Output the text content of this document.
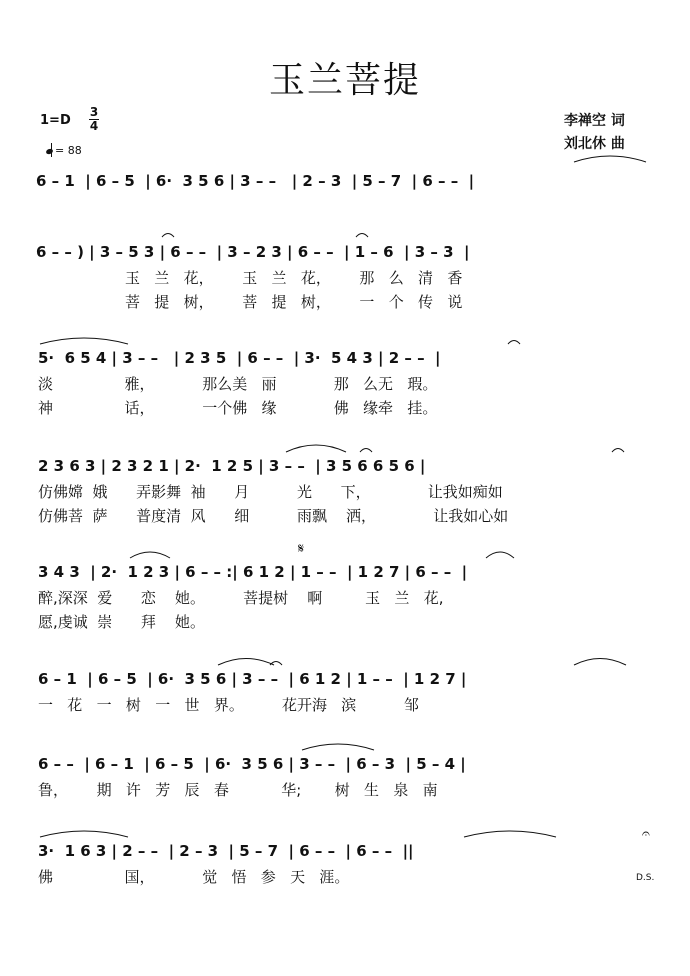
玉兰菩提
1=D
3
4
= 88
李禅空 词
刘北休 曲
6 – 1  | 6 – 5  | 6·  3 5 6 | 3 – –   | 2 – 3  | 5 – 7  | 6 – –  |
6 – – ) | 3 – 5 3 | 6 – –  | 3 – 2 3 | 6 – –  | 1 – 6  | 3 – 3  |
玉   兰   花，      玉   兰   花，      那   么   清   香
菩   提   树，      菩   提   树，      一   个   传   说
5·  6 5 4 | 3 – –   | 2 3 5  | 6 – –  | 3·  5 4 3 | 2 – –  |
淡               雅，          那么美   丽            那   么无   瑕。
神               话，          一个佛   缘            佛   缘牵   挂。
2 3 6 3 | 2 3 2 1 | 2·  1 2 5 | 3 – –  | 3 5 6 6 5 6 |
仿佛嫦  娥      弄影舞  袖      月          光      下，            让我如痴如
仿佛菩  萨      普度清  风      细          雨飘    洒，            让我如心如
3 4 3  | 2·  1 2 3 | 6 – – :| 6 1 2 | 1 – –  | 1 2 7 | 6 – –  |
醉,深深  爱      恋    她。        菩提树    啊         玉   兰   花,
愿,虔诚  崇      拜    她。
6 – 1  | 6 – 5  | 6·  3 5 6 | 3 – –  | 6 1 2 | 1 – –  | 1 2 7 |
一   花   一   树   一   世   界。        花开海   滨          邹
6 – –  | 6 – 1  | 6 – 5  | 6·  3 5 6 | 3 – –  | 6 – 3  | 5 – 4 |
鲁，      期   许   芳   辰   春           华;       树   生   泉   南
3·  1 6 3 | 2 – –  | 2 – 3  | 5 – 7  | 6 – –  | 6 – –  ||
佛               国，          觉   悟   参   天   涯。
𝄋
𝄐
D.S.
